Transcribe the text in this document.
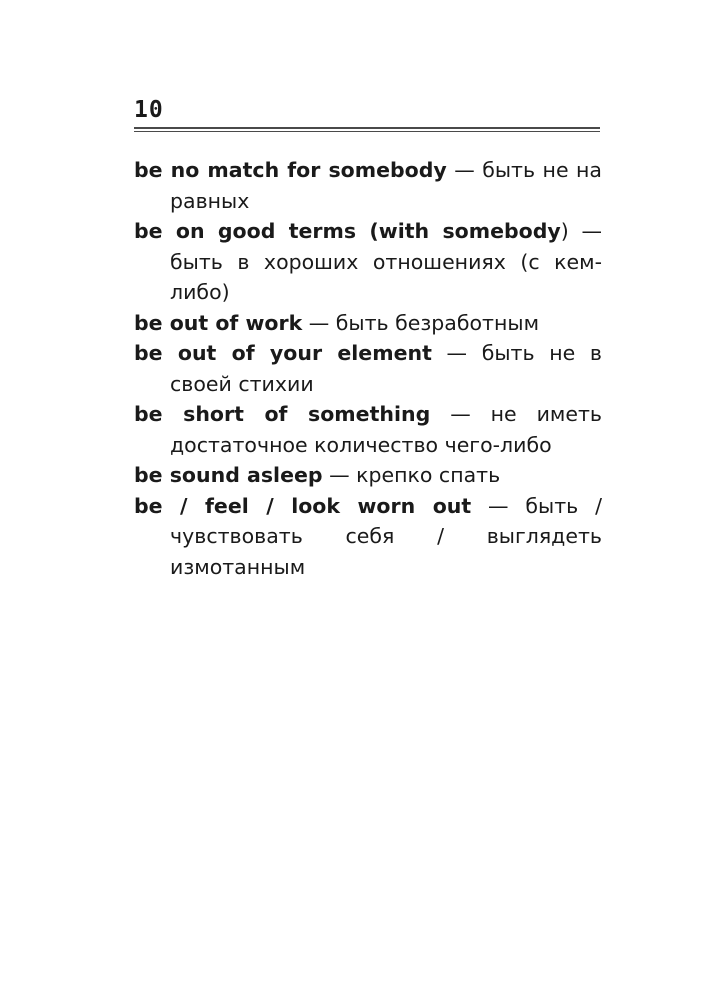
10
be no match for somebody — быть не на равных
be on good terms (with somebody) — быть в хороших отношениях (с кем-либо)
be out of work — быть безработным
be out of your element — быть не в своей стихии
be short of something — не иметь достаточное количество чего-либо
be sound asleep — крепко спать
be / feel / look worn out — быть / чувствовать себя / выглядеть измотанным
